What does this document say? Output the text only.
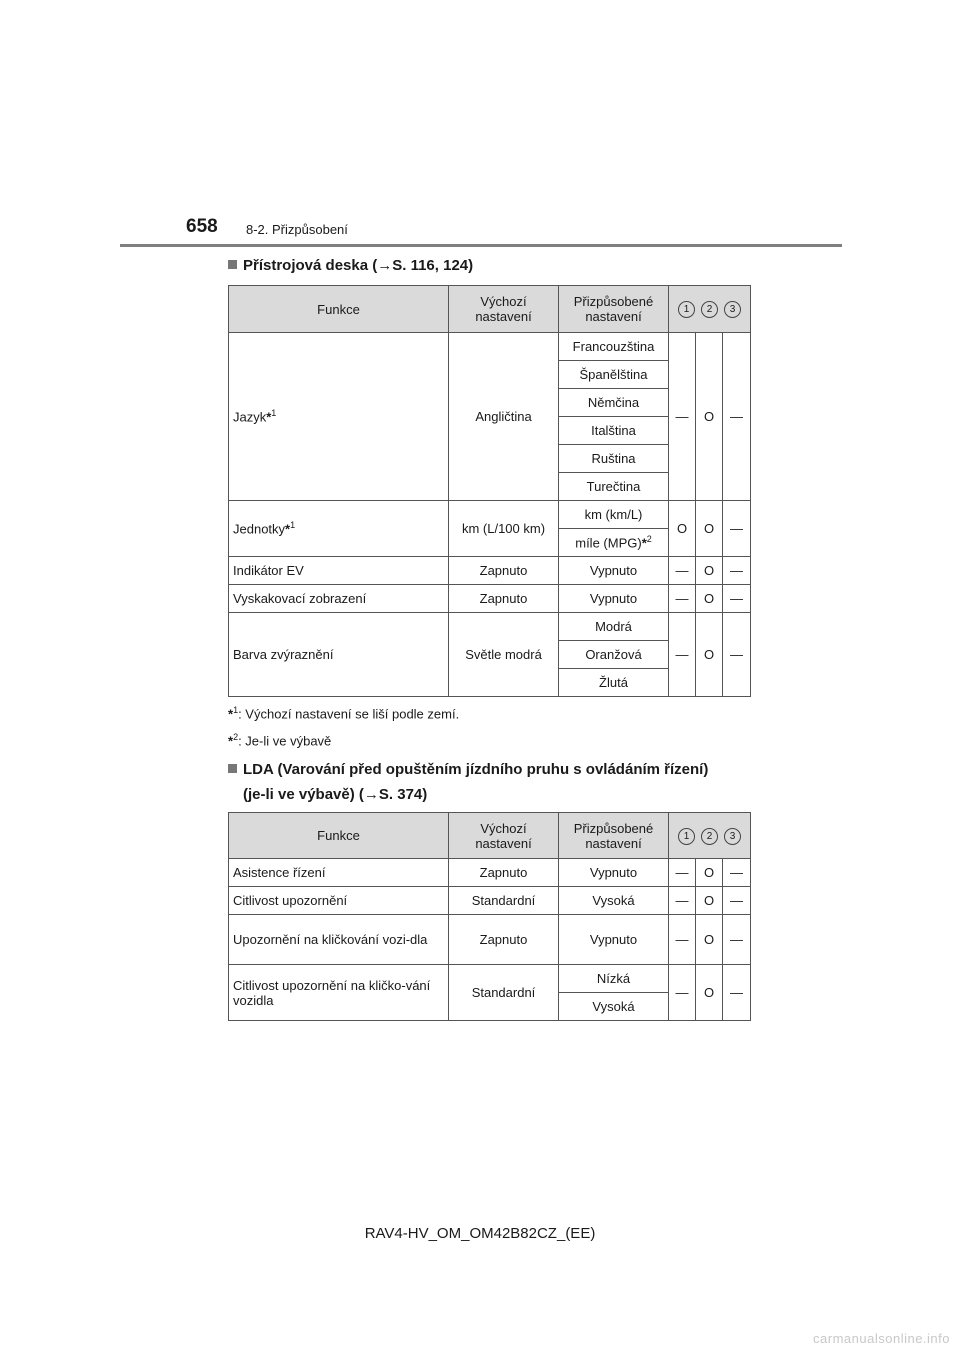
658 8-2. Přizpůsobení
Přístrojová deska (→S. 116, 124)
Funkce	Výchozí nastavení	Přizpůsobené nastavení	1 2 3		
Jazyk*$^1$	Angličtina	Francouzština	—	O	—
		Španělština			
		Němčina			
		Italština			
		Ruština			
		Turečtina			
Jednotky*$^1$	km (L/100 km)	km (km/L)	O	O	—
		míle (MPG)*$^2$
Indikátor EV	Zapnuto	Vypnuto	—	O	—
Vyskakovací zobrazení	Zapnuto	Vypnuto	—	O	—
Barva zvýraznění	Světle modrá	Modrá	—	O	—
		Oranžová			
		Žlutá			
*$^1$: Výchozí nastavení se liší podle zemí.
*$^2$: Je-li ve výbavě
LDA (Varování před opuštěním jízdního pruhu s ovládáním řízení)
(je-li ve výbavě) (→S. 374)
Funkce	Výchozí nastavení	Přizpůsobené nastavení	1 2 3		
Asistence řízení	Zapnuto	Vypnuto	—	O	—
Citlivost upozornění	Standardní	Vysoká	—	O	—
Upozornění na kličkování vozi-dla	Zapnuto	Vypnuto	—	O	—
Citlivost upozornění na kličko-vání vozidla	Standardní	Nízká	—	O	—
		Vysoká			
RAV4-HV_OM_OM42B82CZ_(EE)
carmanualsonline.info
